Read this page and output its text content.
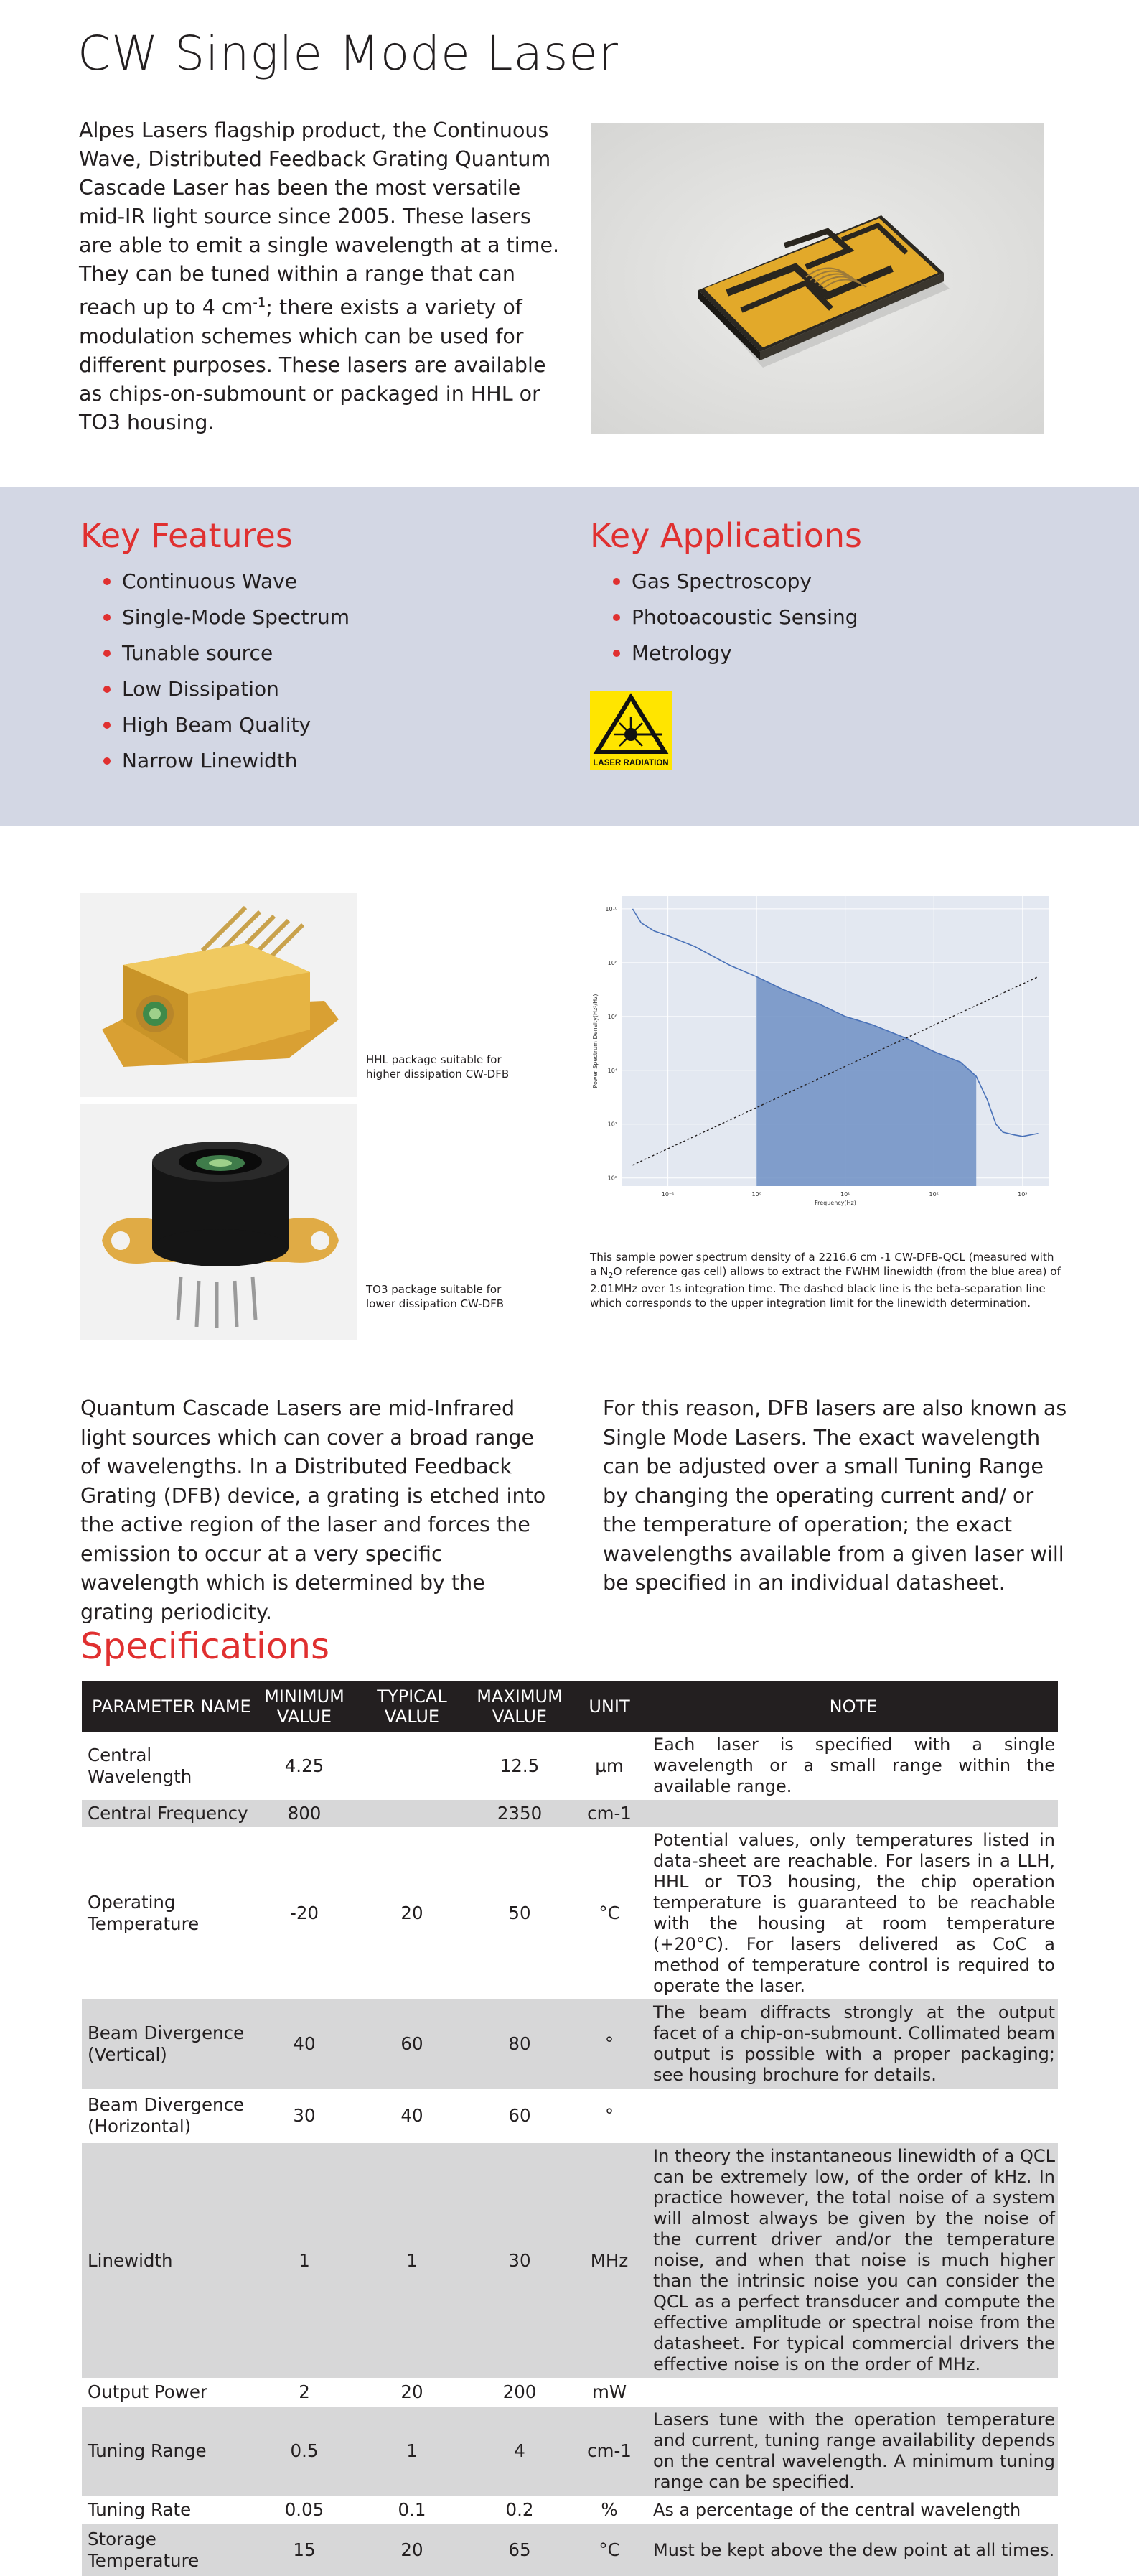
CW Single Mode Laser
Alpes Lasers flagship product, the Continuous Wave, Distributed Feedback Grating Quantum Cascade Laser has been the most versatile mid-IR light source since 2005. These lasers are able to emit a single wavelength at a time. They can be tuned within a range that can reach up to 4 $cm^{-1}$; there exists a variety of modulation schemes which can be used for different purposes. These lasers are available as chips-on-submount or packaged in HHL or TO3 housing.
Key Features
Continuous Wave
Single-Mode Spectrum
Tunable source
Low Dissipation
High Beam Quality
Narrow Linewidth
Key Applications
Gas Spectroscopy
Photoacoustic Sensing
Metrology
LASER RADIATION
HHL package suitable for higher dissipation CW-DFB
TO3 package suitable for lower dissipation CW-DFB
10⁻¹	10⁰	10¹	10²	10³
10¹⁰
10⁸
10⁶
10⁴
10²
10⁰
Frequency(Hz)
Power Spectrum Density(Hz²/Hz)
This sample power spectrum density of a 2216.6 cm -1 CW-DFB-QCL (measured with a $N_2O$ reference gas cell) allows to extract the FWHM linewidth (from the blue area) of 2.01MHz over 1s integration time. The dashed black line is the beta-separation line which corresponds to the upper integration limit for the linewidth determination.
Quantum Cascade Lasers are mid-Infrared light sources which can cover a broad range of wavelengths. In a Distributed Feedback Grating (DFB) device, a grating is etched into the active region of the laser and forces the emission to occur at a very specific wavelength which is determined by the grating periodicity.
For this reason, DFB lasers are also known as Single Mode Lasers. The exact wavelength can be adjusted over a small Tuning Range by changing the operating current and/ or the temperature of operation; the exact wavelengths available from a given laser will be specified in an individual datasheet.
Specifications
PARAMETER NAME	MINIMUM VALUE	TYPICAL VALUE	MAXIMUM VALUE	UNIT	NOTE
Central Wavelength	4.25		12.5	µm	Each laser is specified with a single wavelength or a small range within the available range.
Central Frequency	800		2350	cm-1	
Operating Temperature	-20	20	50	°C	Potential values, only temperatures listed in data-sheet are reachable. For lasers in a LLH, HHL or TO3 housing, the chip operation temperature is guaranteed to be reachable with the housing at room temperature (+20°C). For lasers delivered as CoC a method of temperature control is required to operate the laser.
Beam Divergence (Vertical)	40	60	80	°	The beam diffracts strongly at the output facet of a chip-on-submount. Collimated beam output is possible with a proper packaging; see housing brochure for details.
Beam Divergence (Horizontal)	30	40	60	°	
Linewidth	1	1	30	MHz	In theory the instantaneous linewidth of a QCL can be extremely low, of the order of kHz. In practice however, the total noise of a system will almost always be given by the noise of the current driver and/or the temperature noise, and when that noise is much higher than the intrinsic noise you can consider the QCL as a perfect transducer and compute the effective amplitude or spectral noise from the datasheet. For typical commercial drivers the effective noise is on the order of MHz.
Output Power	2	20	200	mW	
Tuning Range	0.5	1	4	cm-1	Lasers tune with the operation temperature and current, tuning range availability depends on the central wavelength. A minimum tuning range can be specified.
Tuning Rate	0.05	0.1	0.2	%	As a percentage of the central wavelength
Storage Temperature	15	20	65	°C	Must be kept above the dew point at all times.
